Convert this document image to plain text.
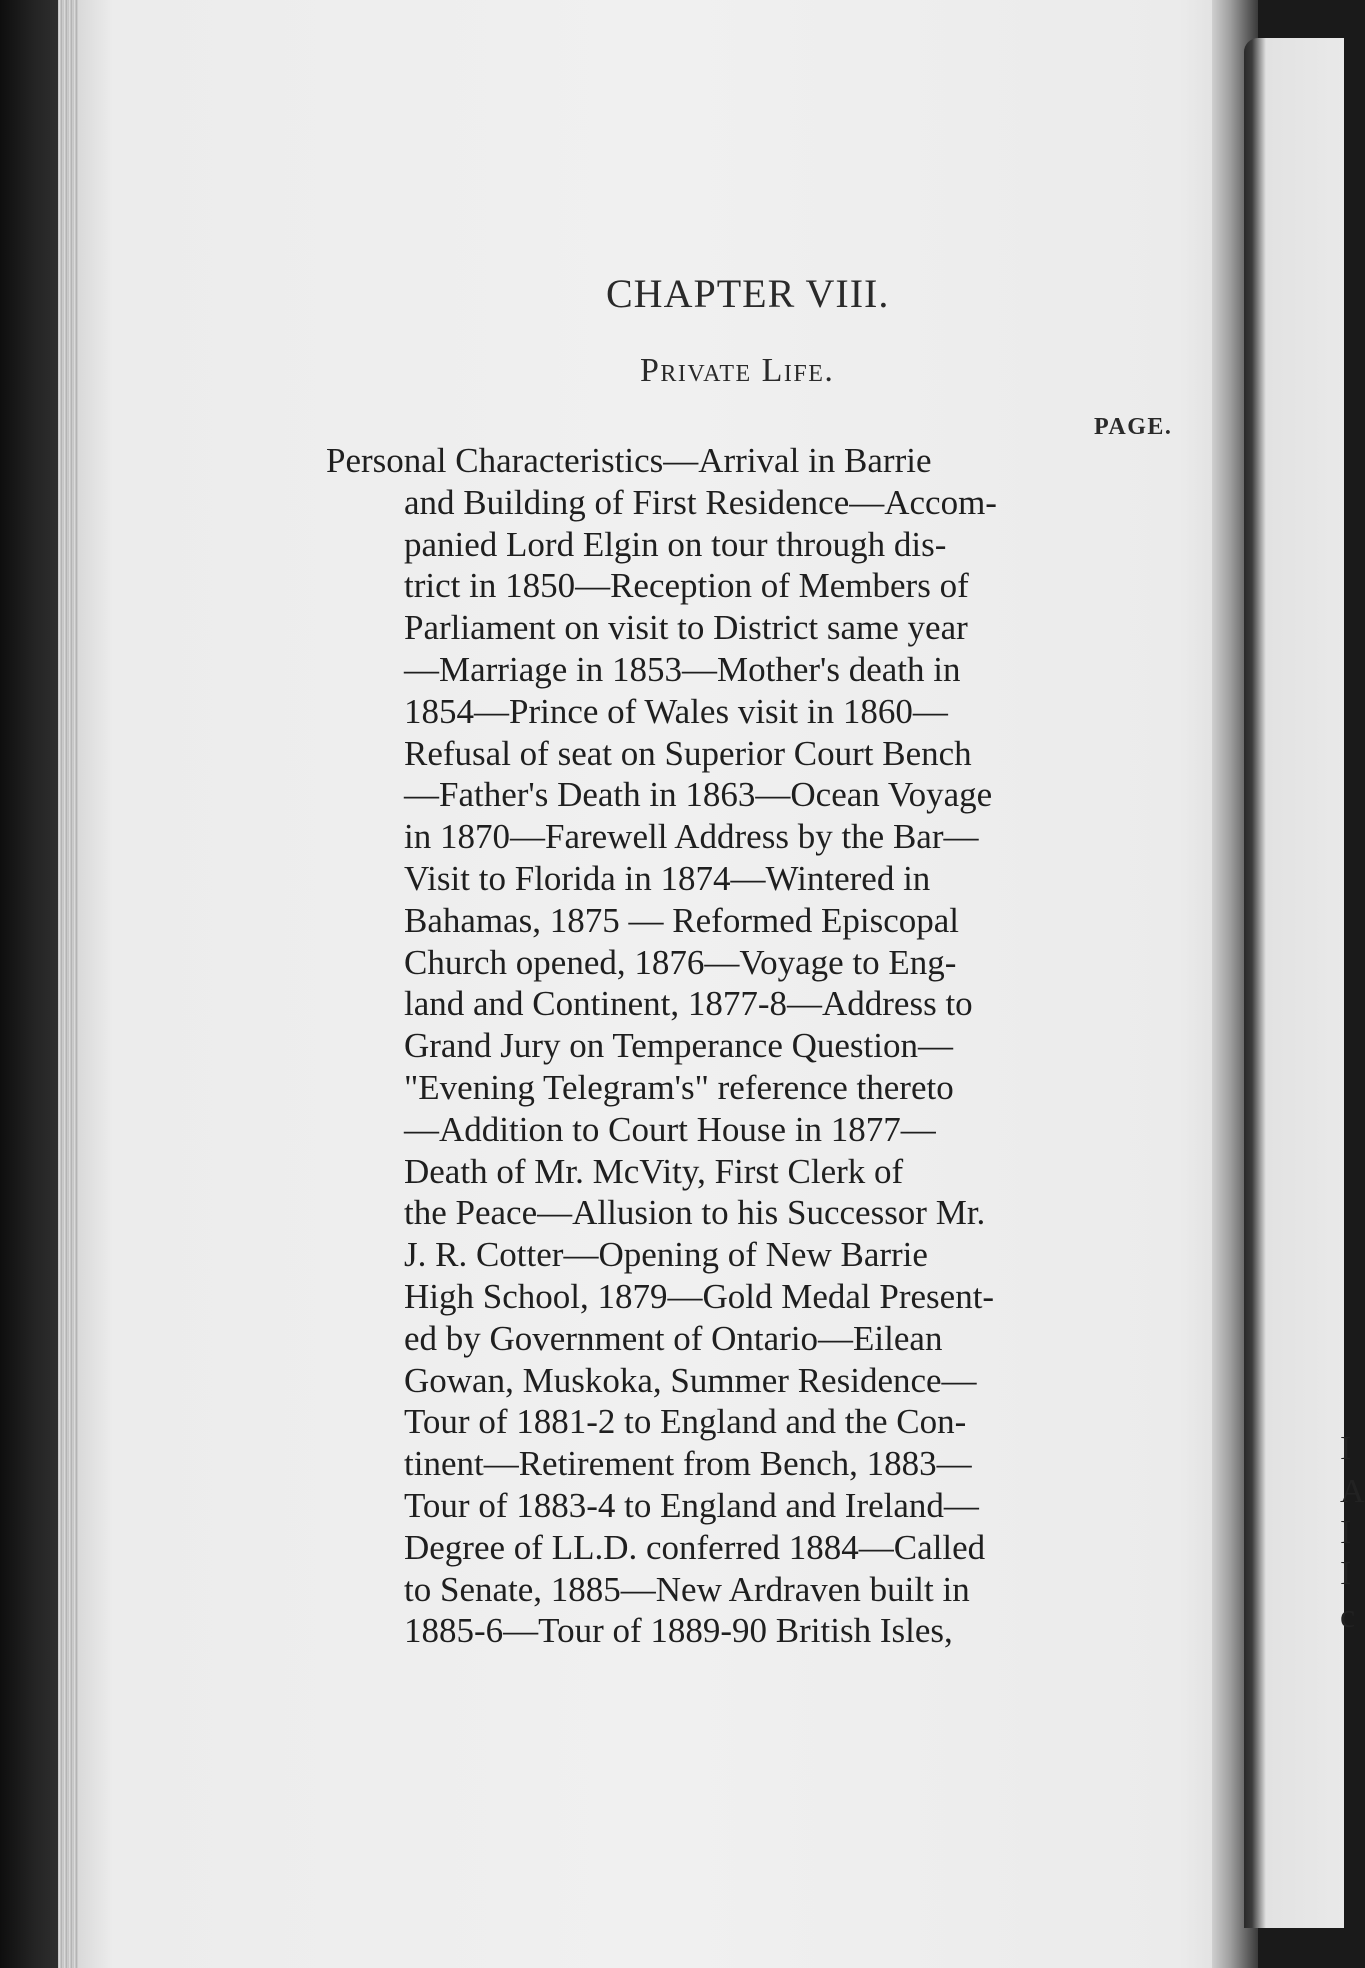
I
A
I
I
c
CHAPTER VIII.
Private Life.
PAGE.
Personal Characteristics—Arrival in Barrie
and Building of First Residence—Accom-
panied Lord Elgin on tour through dis-
trict in 1850—Reception of Members of
Parliament on visit to District same year
—Marriage in 1853—Mother's death in
1854—Prince of Wales visit in 1860—
Refusal of seat on Superior Court Bench
—Father's Death in 1863—Ocean Voyage
in 1870—Farewell Address by the Bar—
Visit to Florida in 1874—Wintered in
Bahamas, 1875 — Reformed Episcopal
Church opened, 1876—Voyage to Eng-
land and Continent, 1877-8—Address to
Grand Jury on Temperance Question—
"Evening Telegram's" reference thereto
—Addition to Court House in 1877—
Death of Mr. McVity, First Clerk of
the Peace—Allusion to his Successor Mr.
J. R. Cotter—Opening of New Barrie
High School, 1879—Gold Medal Present-
ed by Government of Ontario—Eilean
Gowan, Muskoka, Summer Residence—
Tour of 1881-2 to England and the Con-
tinent—Retirement from Bench, 1883—
Tour of 1883-4 to England and Ireland—
Degree of LL.D. conferred 1884—Called
to Senate, 1885—New Ardraven built in
1885-6—Tour of 1889-90 British Isles,
